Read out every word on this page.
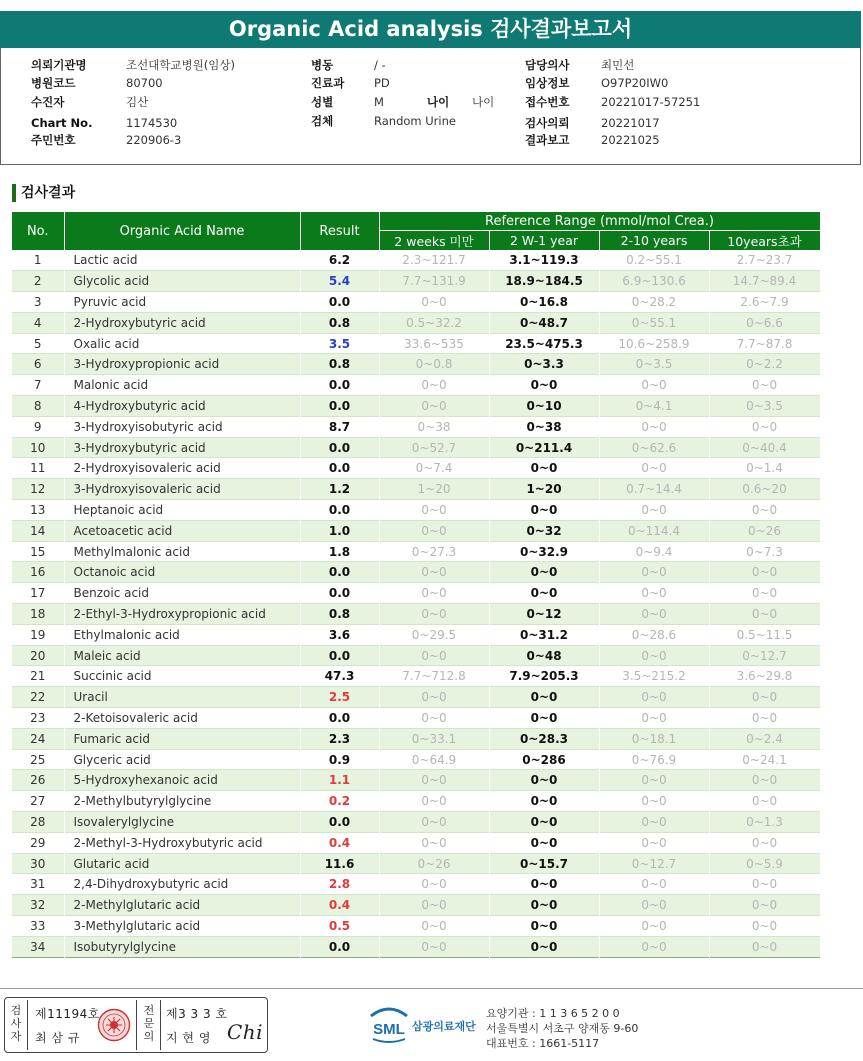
Organic Acid analysis 검사결과보고서
의뢰기관명	조선대학교병원(임상)
병원코드	80700
수진자	김산
Chart No.	1174530
주민번호	220906-3
병동	/ -
진료과	PD
성별	M	나이 나이
검체	Random Urine
담당의사	최민선
임상정보	O97P20IW0
접수번호	20221017-57251
검사의뢰	20221017
결과보고	20221025
검사결과
No.	Organic Acid Name	Result	Reference Range (mmol/mol Crea.)			
			2 weeks 미만	2 W-1 year	2-10 years	10years초과
1	Lactic acid	6.2	2.3~121.7	3.1~119.3	0.2~55.1	2.7~23.7
2	Glycolic acid	5.4	7.7~131.9	18.9~184.5	6.9~130.6	14.7~89.4
3	Pyruvic acid	0.0	0~0	0~16.8	0~28.2	2.6~7.9
4	2-Hydroxybutyric acid	0.8	0.5~32.2	0~48.7	0~55.1	0~6.6
5	Oxalic acid	3.5	33.6~535	23.5~475.3	10.6~258.9	7.7~87.8
6	3-Hydroxypropionic acid	0.8	0~0.8	0~3.3	0~3.5	0~2.2
7	Malonic acid	0.0	0~0	0~0	0~0	0~0
8	4-Hydroxybutyric acid	0.0	0~0	0~10	0~4.1	0~3.5
9	3-Hydroxyisobutyric acid	8.7	0~38	0~38	0~0	0~0
10	3-Hydroxybutyric acid	0.0	0~52.7	0~211.4	0~62.6	0~40.4
11	2-Hydroxyisovaleric acid	0.0	0~7.4	0~0	0~0	0~1.4
12	3-Hydroxyisovaleric acid	1.2	1~20	1~20	0.7~14.4	0.6~20
13	Heptanoic acid	0.0	0~0	0~0	0~0	0~0
14	Acetoacetic acid	1.0	0~0	0~32	0~114.4	0~26
15	Methylmalonic acid	1.8	0~27.3	0~32.9	0~9.4	0~7.3
16	Octanoic acid	0.0	0~0	0~0	0~0	0~0
17	Benzoic acid	0.0	0~0	0~0	0~0	0~0
18	2-Ethyl-3-Hydroxypropionic acid	0.8	0~0	0~12	0~0	0~0
19	Ethylmalonic acid	3.6	0~29.5	0~31.2	0~28.6	0.5~11.5
20	Maleic acid	0.0	0~0	0~48	0~0	0~12.7
21	Succinic acid	47.3	7.7~712.8	7.9~205.3	3.5~215.2	3.6~29.8
22	Uracil	2.5	0~0	0~0	0~0	0~0
23	2-Ketoisovaleric acid	0.0	0~0	0~0	0~0	0~0
24	Fumaric acid	2.3	0~33.1	0~28.3	0~18.1	0~2.4
25	Glyceric acid	0.9	0~64.9	0~286	0~76.9	0~24.1
26	5-Hydroxyhexanoic acid	1.1	0~0	0~0	0~0	0~0
27	2-Methylbutyrylglycine	0.2	0~0	0~0	0~0	0~0
28	Isovalerylglycine	0.0	0~0	0~0	0~0	0~1.3
29	2-Methyl-3-Hydroxybutyric acid	0.4	0~0	0~0	0~0	0~0
30	Glutaric acid	11.6	0~26	0~15.7	0~12.7	0~5.9
31	2,4-Dihydroxybutyric acid	2.8	0~0	0~0	0~0	0~0
32	2-Methylglutaric acid	0.4	0~0	0~0	0~0	0~0
33	3-Methylglutaric acid	0.5	0~0	0~0	0~0	0~0
34	Isobutyrylglycine	0.0	0~0	0~0	0~0	0~0
검
사
자
제11194호
최 삼 규
전
문
의
제3 3 3 호
지 현 영 Chi	SML 삼광의료재단
요양기관 : 1 1 3 6 5 2 0 0
서울특별시 서초구 양재동 9-60
대표번호 : 1661-5117
